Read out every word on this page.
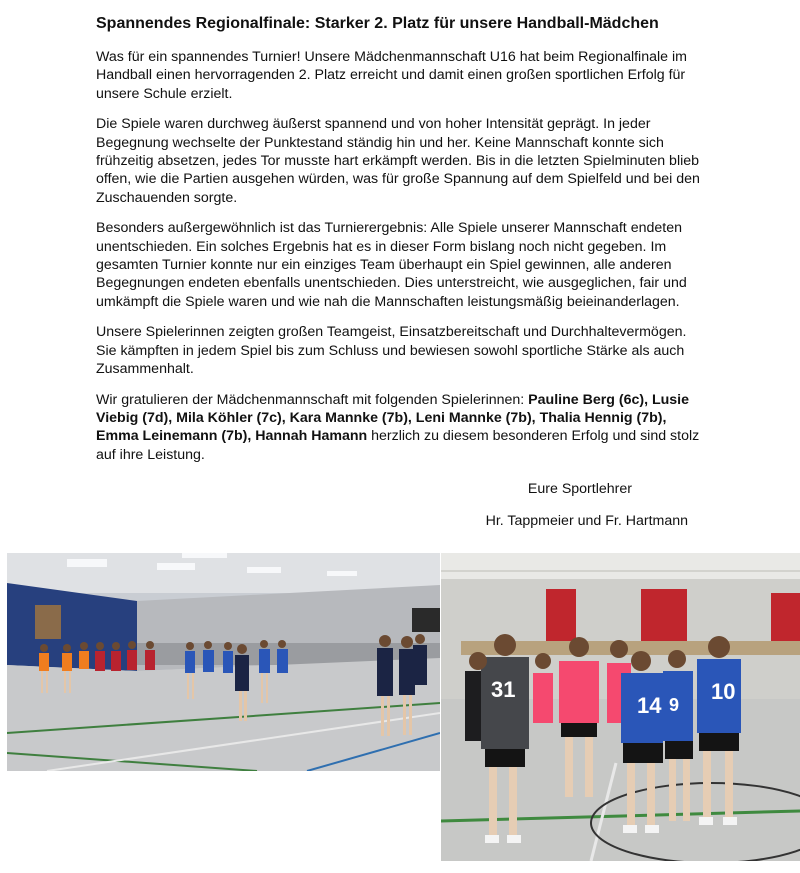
Spannendes Regionalfinale: Starker 2. Platz für unsere Handball-Mädchen

Was für ein spannendes Turnier! Unsere Mädchenmannschaft U16 hat beim Regionalfinale im Handball einen hervorragenden 2. Platz erreicht und damit einen großen sportlichen Erfolg für unsere Schule erzielt.

Die Spiele waren durchweg äußerst spannend und von hoher Intensität geprägt. In jeder Begegnung wechselte der Punktestand ständig hin und her. Keine Mannschaft konnte sich frühzeitig absetzen, jedes Tor musste hart erkämpft werden. Bis in die letzten Spielminuten blieb offen, wie die Partien ausgehen würden, was für große Spannung auf dem Spielfeld und bei den Zuschauenden sorgte.

Besonders außergewöhnlich ist das Turnierergebnis: Alle Spiele unserer Mannschaft endeten unentschieden. Ein solches Ergebnis hat es in dieser Form bislang noch nicht gegeben. Im gesamten Turnier konnte nur ein einziges Team überhaupt ein Spiel gewinnen, alle anderen Begegnungen endeten ebenfalls unentschieden. Dies unterstreicht, wie ausgeglichen, fair und umkämpft die Spiele waren und wie nah die Mannschaften leistungsmäßig beieinanderlagen.

Unsere Spielerinnen zeigten großen Teamgeist, Einsatzbereitschaft und Durchhaltevermögen. Sie kämpften in jedem Spiel bis zum Schluss und bewiesen sowohl sportliche Stärke als auch Zusammenhalt.

Wir gratulieren der Mädchenmannschaft mit folgenden Spielerinnen: Pauline Berg (6c), Lusie Viebig (7d), Mila Köhler (7c), Kara Mannke (7b), Leni Mannke (7b), Thalia Hennig (7b), Emma Leinemann (7b), Hannah Hamann herzlich zu diesem besonderen Erfolg und sind stolz auf ihre Leistung.

Eure Sportlehrer
Hr. Tappmeier und Fr. Hartmann
31
14
10
9
